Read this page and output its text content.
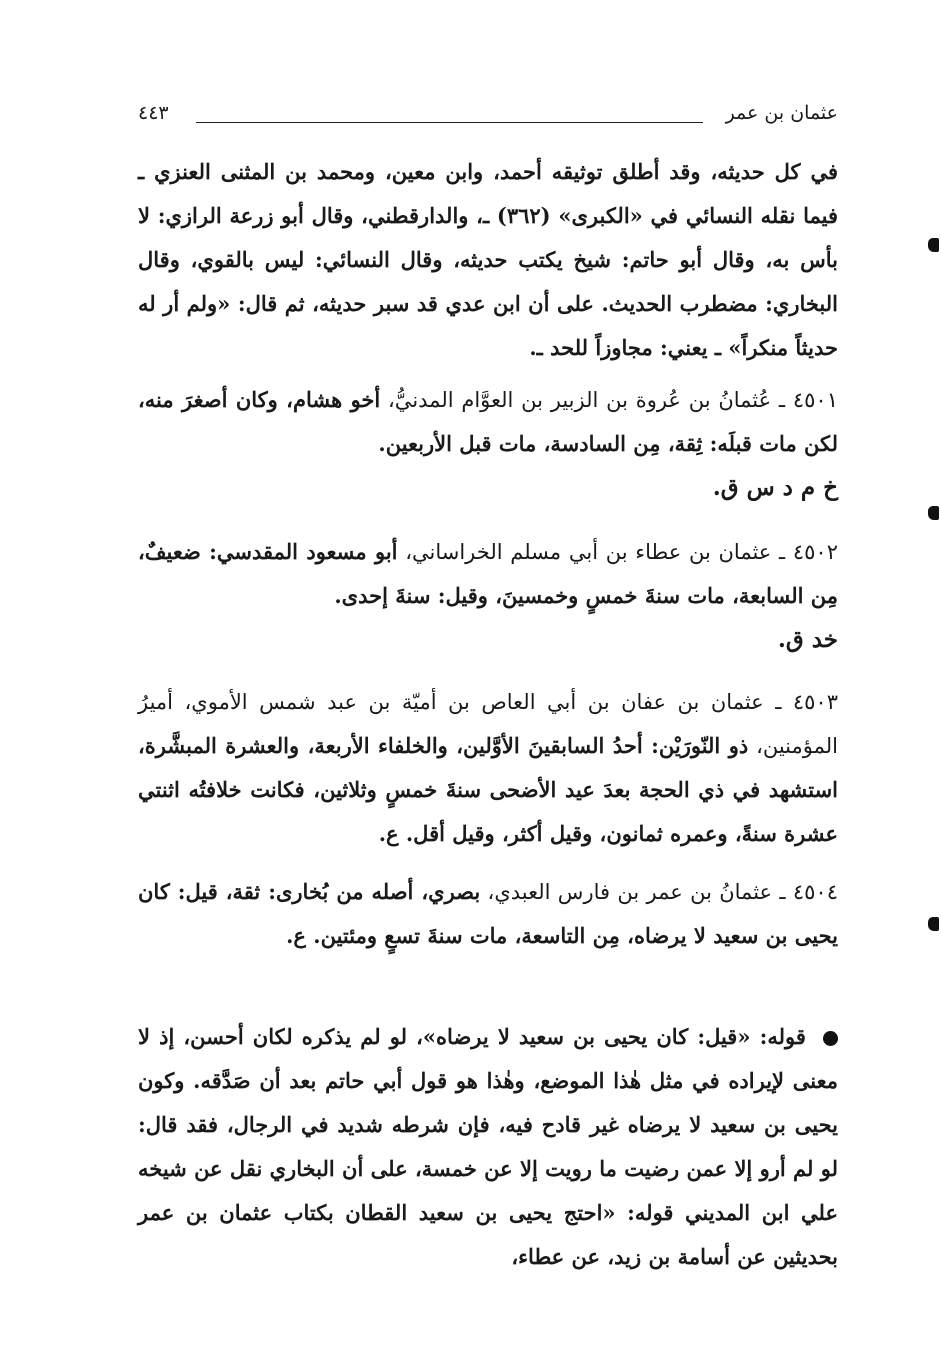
عثمان بن عمر
٤٤٣

في كل حديثه، وقد أطلق توثيقه أحمد، وابن معين، ومحمد بن المثنى العنزي ـ فيما نقله النسائي في «الكبرى» (٣٦٢) ـ، والدارقطني، وقال أبو زرعة الرازي: لا بأس به، وقال أبو حاتم: شيخ يكتب حديثه، وقال النسائي: ليس بالقوي، وقال البخاري: مضطرب الحديث. على أن ابن عدي قد سبر حديثه، ثم قال: «ولم أر له حديثاً منكراً» ـ يعني: مجاوزاً للحد ـ.

٤٥٠١ ـ عُثمانُ بن عُروة بن الزبير بن العوَّام المدنيُّ، أخو هشام، وكان أصغرَ منه، لكن مات قبلَه: ثِقة، مِن السادسة، مات قبل الأربعين.
خ م د س ق.

٤٥٠٢ ـ عثمان بن عطاء بن أبي مسلم الخراساني، أبو مسعود المقدسي: ضعيفٌ، مِن السابعة، مات سنةَ خمسٍ وخمسينَ، وقيل: سنةَ إحدى.
خد ق.

٤٥٠٣ ـ عثمان بن عفان بن أبي العاص بن أميّة بن عبد شمس الأموي، أميرُ المؤمنين، ذو النّورَيْن: أحدُ السابقينَ الأوَّلين، والخلفاء الأربعة، والعشرة المبشَّرة، استشهد في ذي الحجة بعدَ عيد الأضحى سنةَ خمسٍ وثلاثين، فكانت خلافتُه اثنتي عشرة سنةً، وعمره ثمانون، وقيل أكثر، وقيل أقل. ع.

٤٥٠٤ ـ عثمانُ بن عمر بن فارس العبدي، بصري، أصله من بُخارى: ثقة، قيل: كان يحيى بن سعيد لا يرضاه، مِن التاسعة، مات سنةَ تسعٍ ومئتين. ع.

قوله: «قيل: كان يحيى بن سعيد لا يرضاه»، لو لم يذكره لكان أحسن، إذ لا معنى لإيراده في مثل هٰذا الموضع، وهٰذا هو قول أبي حاتم بعد أن صَدَّقه. وكون يحيى بن سعيد لا يرضاه غير قادح فيه، فإن شرطه شديد في الرجال، فقد قال: لو لم أرو إلا عمن رضيت ما رويت إلا عن خمسة، على أن البخاري نقل عن شيخه علي ابن المديني قوله: «احتج يحيى بن سعيد القطان بكتاب عثمان بن عمر بحديثين عن أسامة بن زيد، عن عطاء،
